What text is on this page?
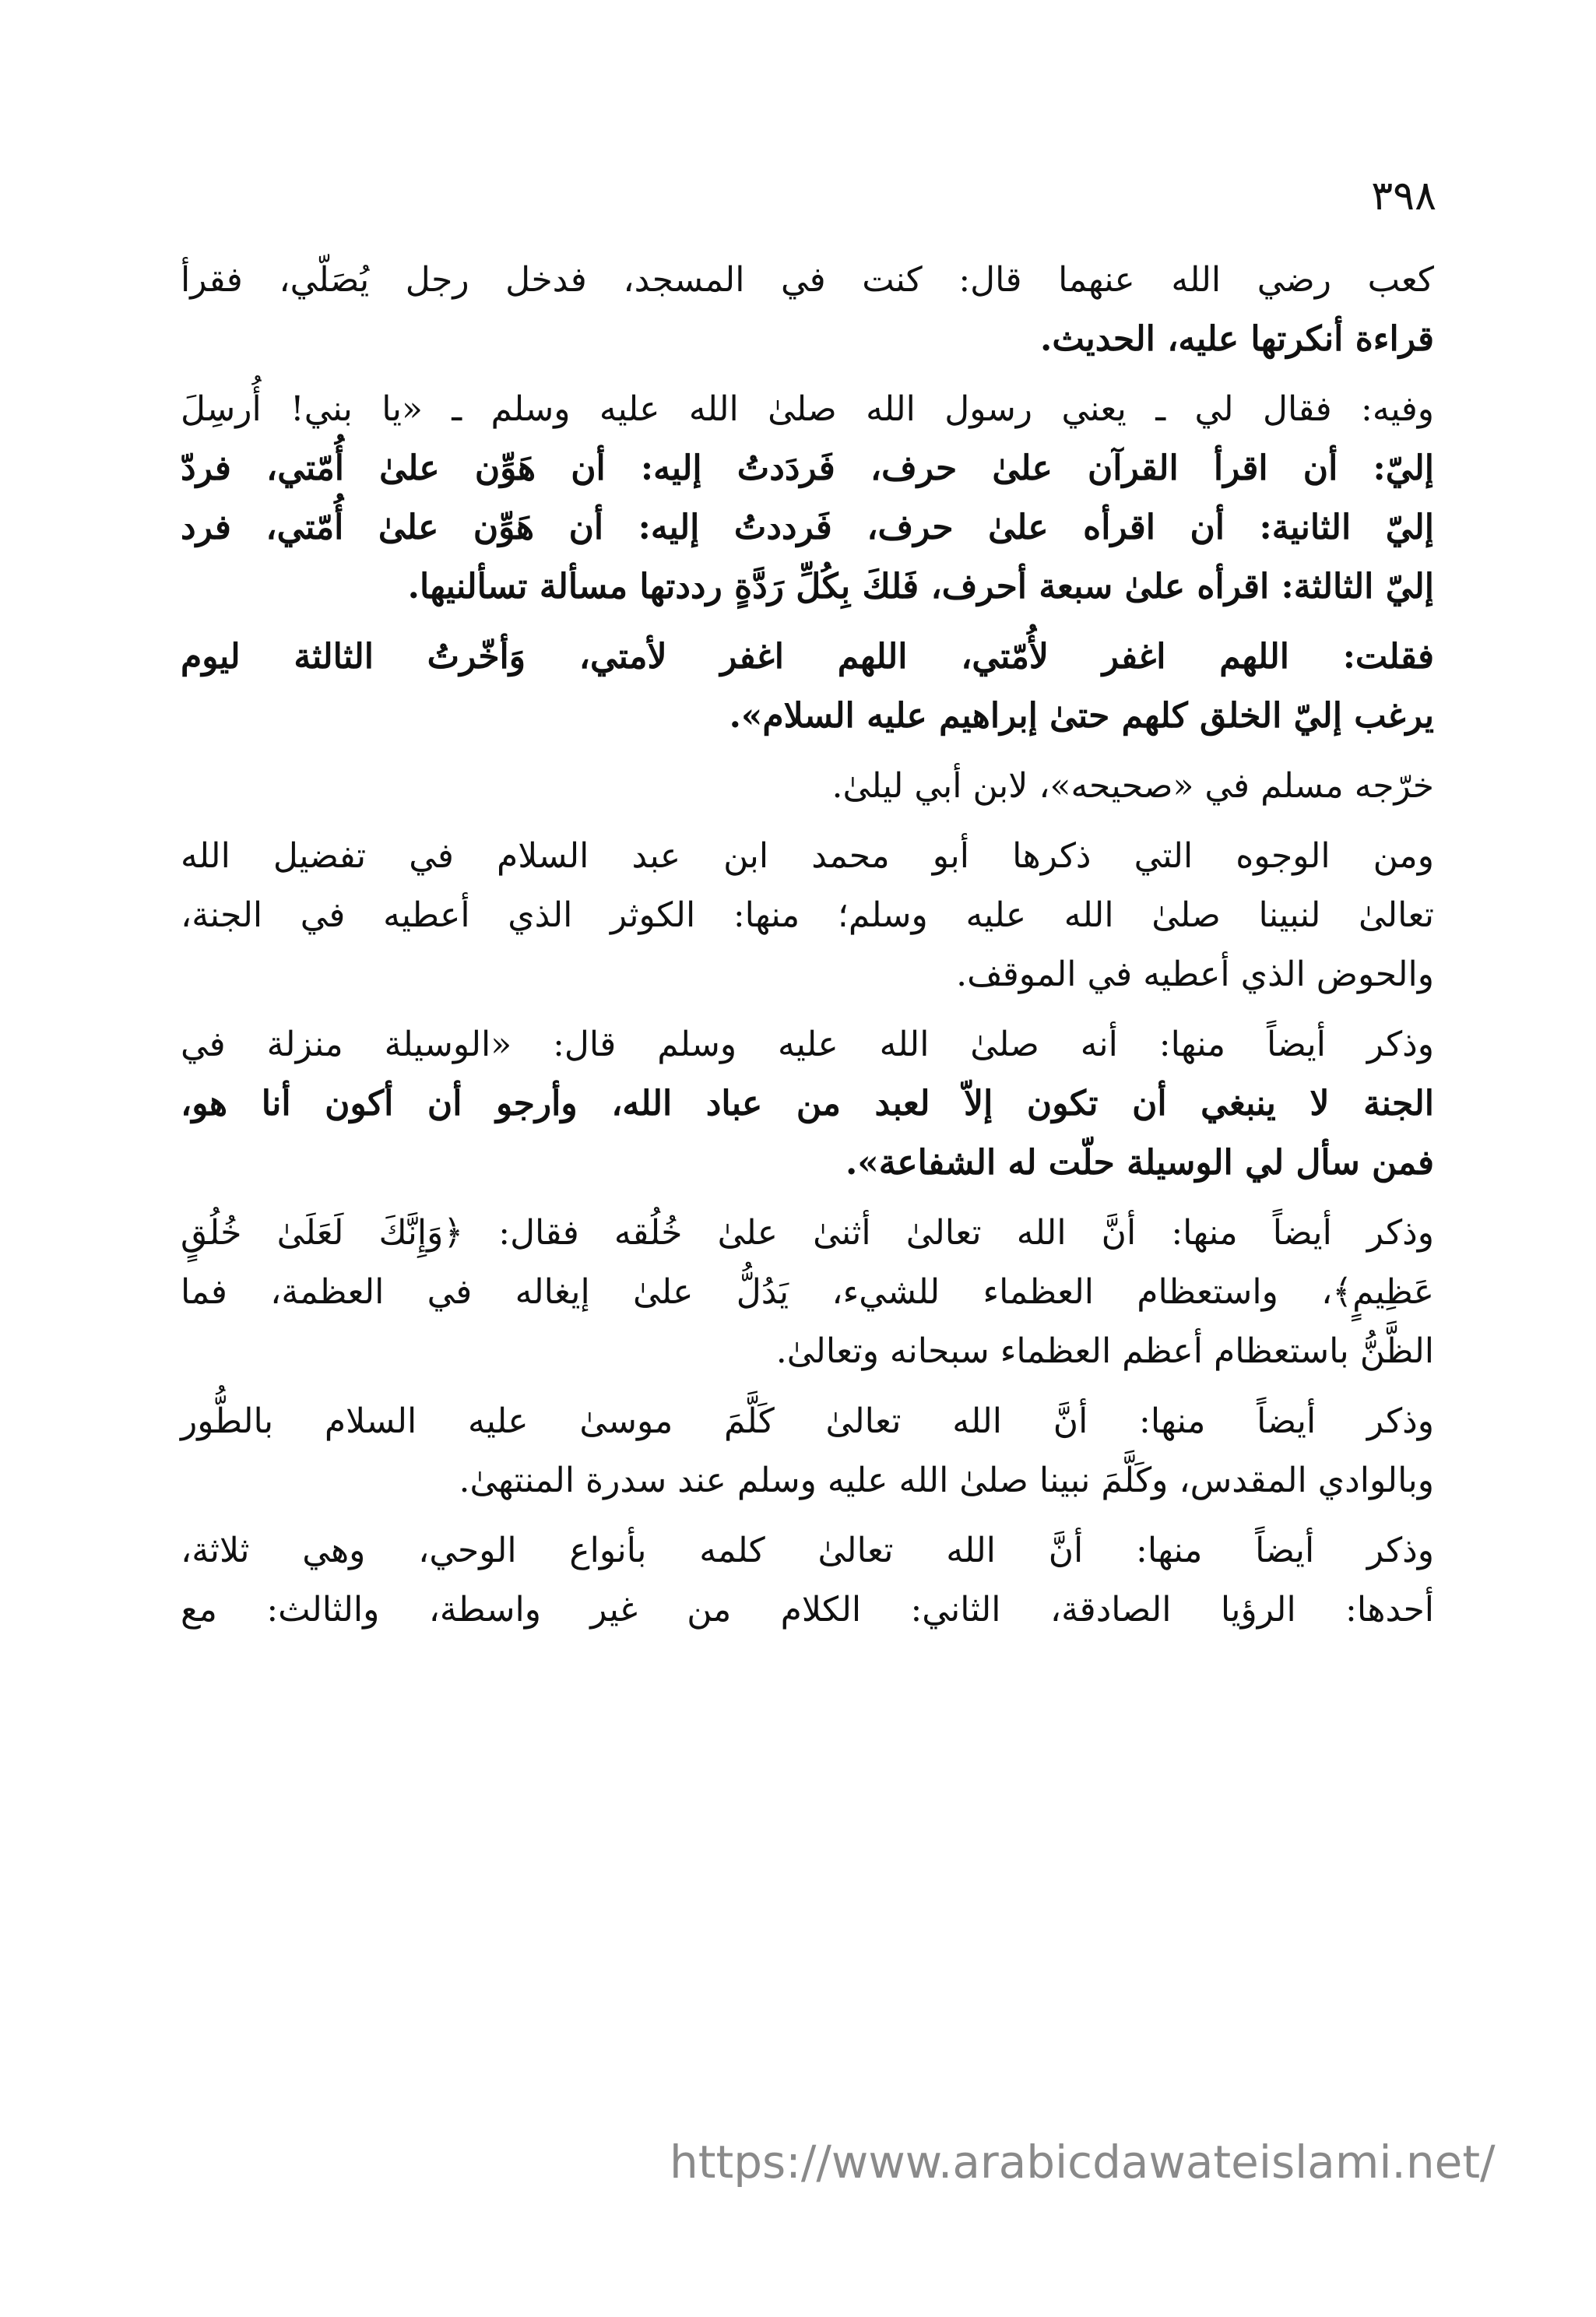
٣٩٨

كعب رضي الله عنهما قال: كنت في المسجد، فدخل رجل يُصَلّي، فقرأ
قراءة أنكرتها عليه، الحديث.

وفيه: فقال لي ـ يعني رسول الله صلىٰ الله عليه وسلم ـ «يا بني! أُرسِلَ
إليّ: أن اقرأ القرآن علىٰ حرف، فَردَدتُ إليه: أن هَوِّن علىٰ أُمّتي، فردّ
إليّ الثانية: أن اقرأه علىٰ حرف، فَرددتُ إليه: أن هَوِّن علىٰ أُمّتي، فرد
إليّ الثالثة: اقرأه علىٰ سبعة أحرف، فَلكَ بِكُلِّ رَدَّةٍ رددتها مسألة تسألنيها.

فقلت: اللهم اغفر لأُمّتي، اللهم اغفر لأمتي، وَأخّرتُ الثالثة ليوم
يرغب إليّ الخلق كلهم حتىٰ إبراهيم عليه السلام».

خرّجه مسلم في «صحيحه»، لابن أبي ليلىٰ.

ومن الوجوه التي ذكرها أبو محمد ابن عبد السلام في تفضيل الله
تعالىٰ لنبينا صلىٰ الله عليه وسلم؛ منها: الكوثر الذي أعطيه في الجنة،
والحوض الذي أعطيه في الموقف.

وذكر أيضاً منها: أنه صلىٰ الله عليه وسلم قال: «الوسيلة منزلة في
الجنة لا ينبغي أن تكون إلاّ لعبد من عباد الله، وأرجو أن أكون أنا هو،
فمن سأل لي الوسيلة حلّت له الشفاعة».

وذكر أيضاً منها: أنَّ الله تعالىٰ أثنىٰ علىٰ خُلُقه فقال: ﴿وَإِنَّكَ لَعَلَىٰ خُلُقٍ
عَظِيمٍ﴾، واستعظام العظماء للشيء، يَدُلُّ علىٰ إيغاله في العظمة، فما
الظَّنُّ باستعظام أعظم العظماء سبحانه وتعالىٰ.

وذكر أيضاً منها: أنَّ الله تعالىٰ كَلَّمَ موسىٰ عليه السلام بالطُّور
وبالوادي المقدس، وكَلَّمَ نبينا صلىٰ الله عليه وسلم عند سدرة المنتهىٰ.

وذكر أيضاً منها: أنَّ الله تعالىٰ كلمه بأنواع الوحي، وهي ثلاثة،
أحدها: الرؤيا الصادقة، الثاني: الكلام من غير واسطة، والثالث: مع

https://www.arabicdawateislami.net/
